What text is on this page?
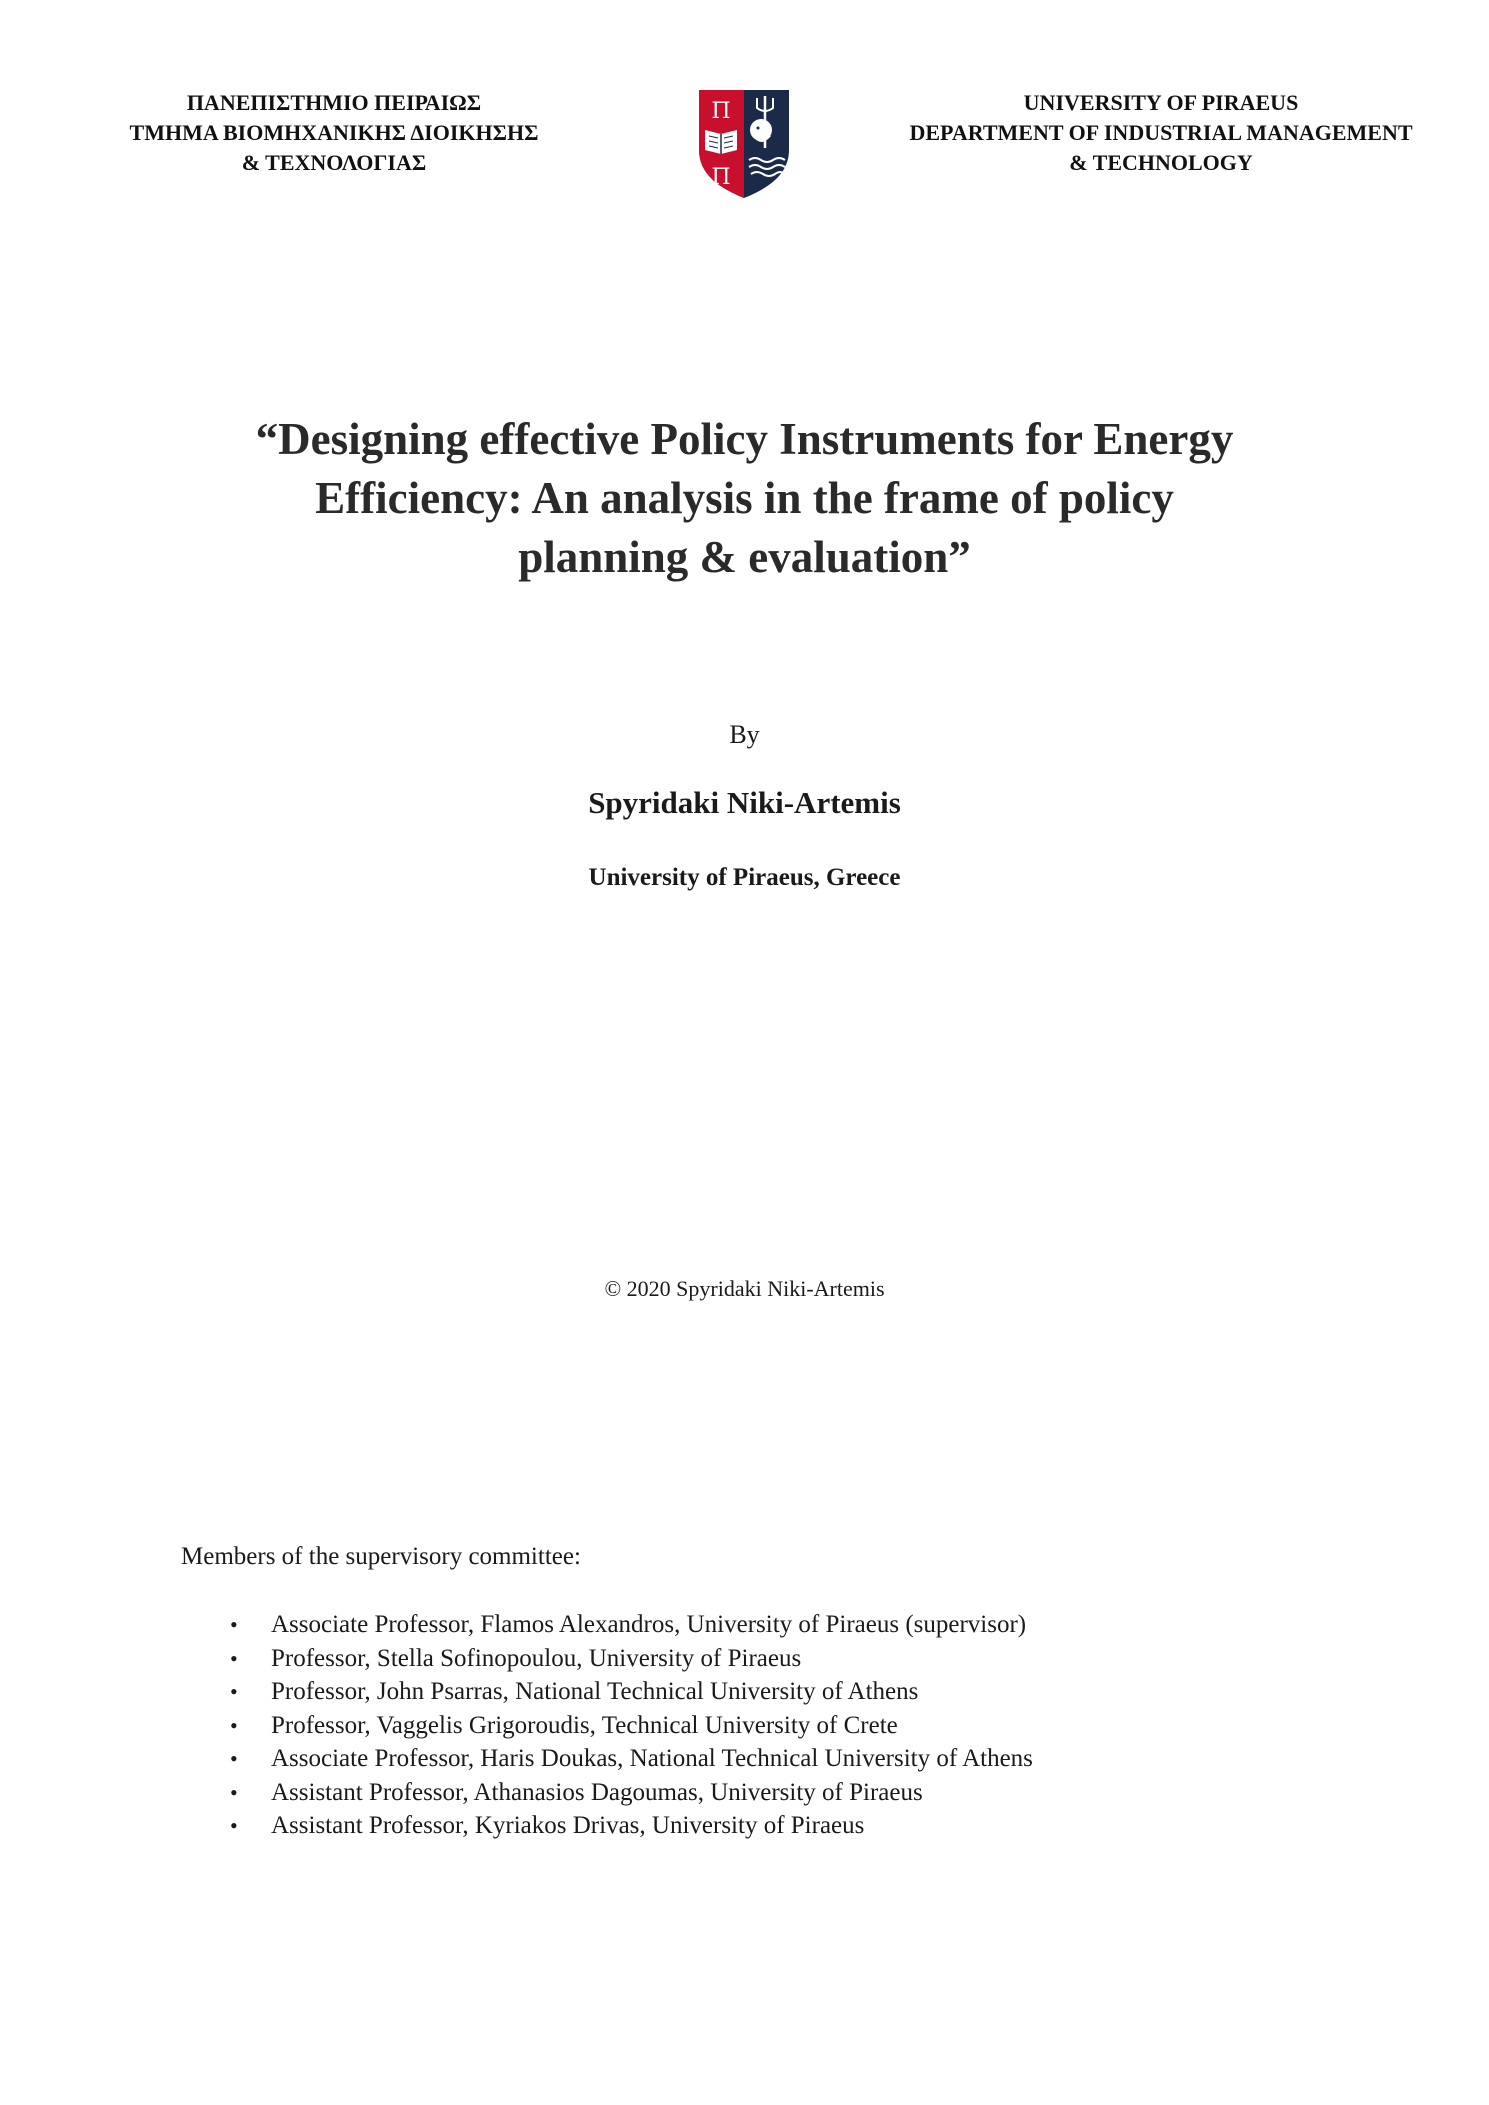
ΠΑΝΕΠΙΣΤΗΜΙΟ ΠΕΙΡΑΙΩΣ
ΤΜΗΜΑ ΒΙΟΜΗΧΑΝΙΚΗΣ ΔΙΟΙΚΗΣΗΣ
& ΤΕΧΝΟΛΟΓΙΑΣ
Π
Π
UNIVERSITY OF PIRAEUS
DEPARTMENT OF INDUSTRIAL MANAGEMENT
& TECHNOLOGY
“Designing effective Policy Instruments for Energy
Efficiency: An analysis in the frame of policy
planning & evaluation”
By
Spyridaki Niki-Artemis
University of Piraeus, Greece
© 2020 Spyridaki Niki-Artemis
Members of the supervisory committee:
• Associate Professor, Flamos Alexandros, University of Piraeus (supervisor)
• Professor, Stella Sofinopoulou, University of Piraeus
• Professor, John Psarras, National Technical University of Athens
• Professor, Vaggelis Grigoroudis, Technical University of Crete
• Associate Professor, Haris Doukas, National Technical University of Athens
• Assistant Professor, Athanasios Dagoumas, University of Piraeus
• Assistant Professor, Kyriakos Drivas, University of Piraeus
